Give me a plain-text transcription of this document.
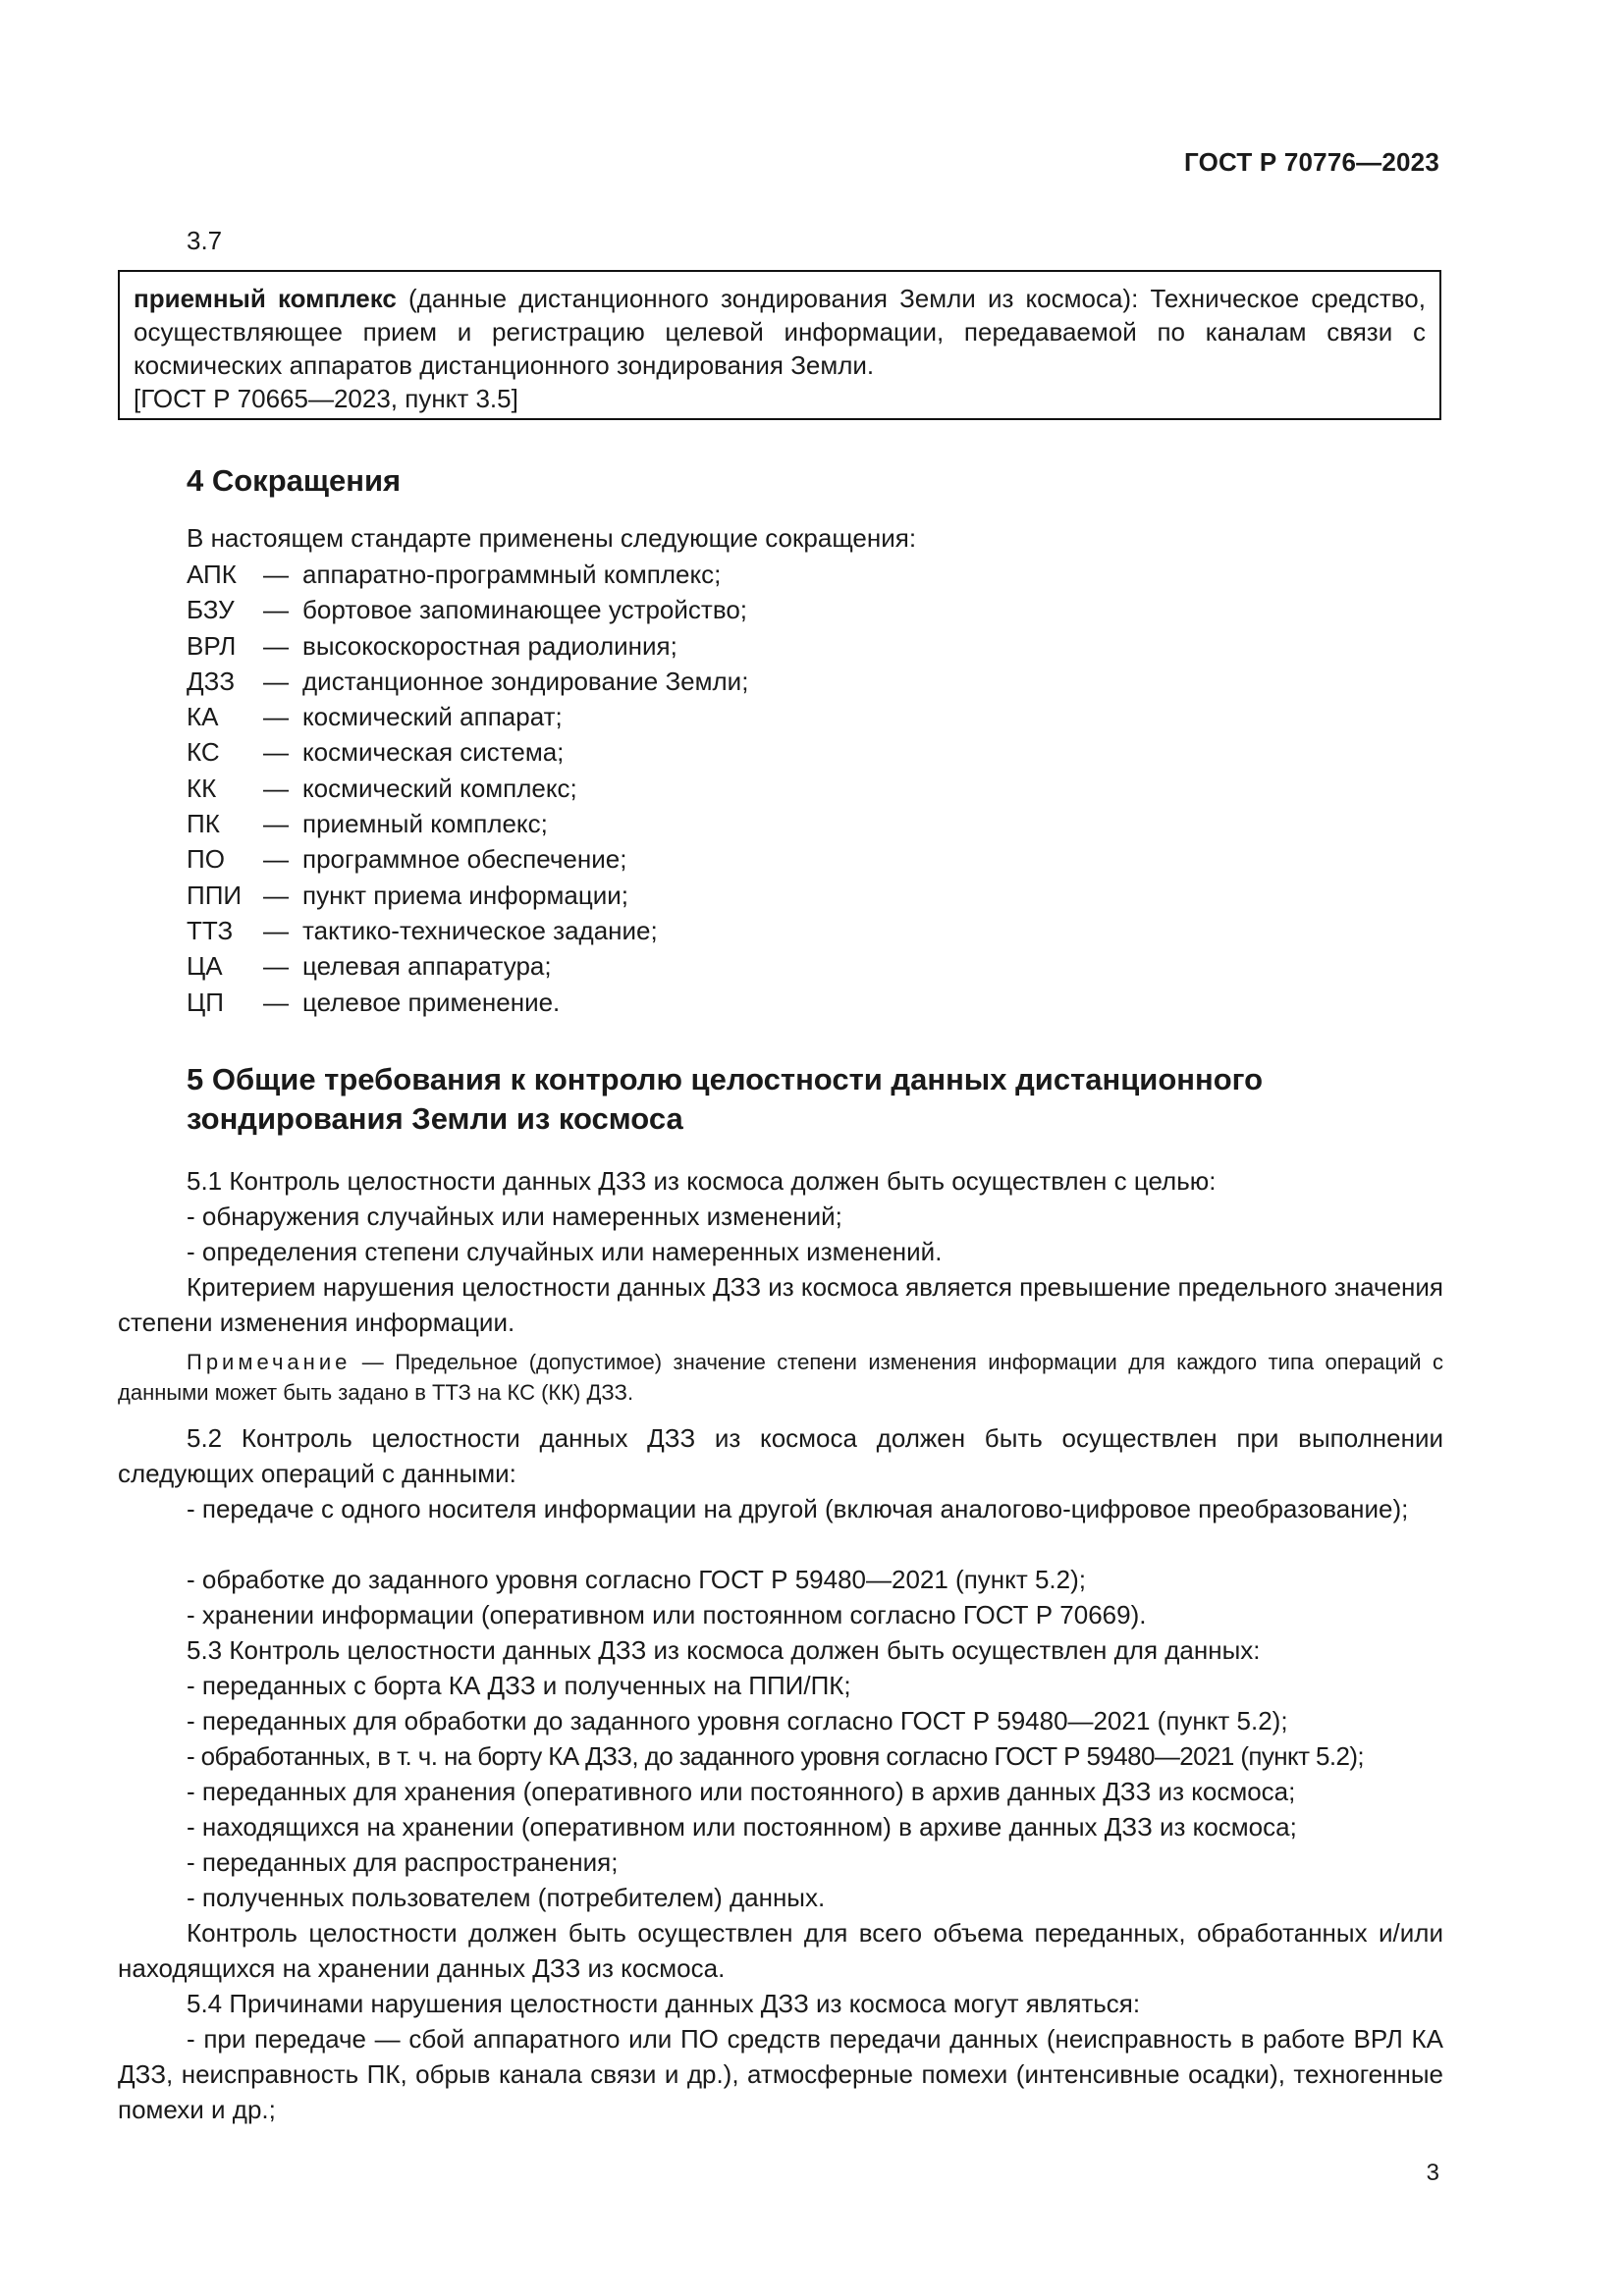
ГОСТ Р 70776—2023
3.7
приемный комплекс (данные дистанционного зондирования Земли из космоса): Техническое средство, осуществляющее прием и регистрацию целевой информации, передаваемой по каналам связи с космических аппаратов дистанционного зондирования Земли.
[ГОСТ Р 70665—2023, пункт 3.5]
4 Сокращения
В настоящем стандарте применены следующие сокращения:
АПК	— аппаратно-программный комплекс;
БЗУ	— бортовое запоминающее устройство;
ВРЛ	— высокоскоростная радиолиния;
ДЗЗ	— дистанционное зондирование Земли;
КА	— космический аппарат;
КС	— космическая система;
КК	— космический комплекс;
ПК	— приемный комплекс;
ПО	— программное обеспечение;
ППИ — пункт приема информации;
ТТЗ	— тактико-техническое задание;
ЦА	— целевая аппаратура;
ЦП	— целевое применение.
5 Общие требования к контролю целостности данных дистанционного
зондирования Земли из космоса
5.1 Контроль целостности данных ДЗЗ из космоса должен быть осуществлен с целью:
- обнаружения случайных или намеренных изменений;
- определения степени случайных или намеренных изменений.
Критерием нарушения целостности данных ДЗЗ из космоса является превышение предельного значения степени изменения информации.
Примечание — Предельное (допустимое) значение степени изменения информации для каждого типа операций с данными может быть задано в ТТЗ на КС (КК) ДЗЗ.
5.2 Контроль целостности данных ДЗЗ из космоса должен быть осуществлен при выполнении следующих операций с данными:
- передаче с одного носителя информации на другой (включая аналогово-цифровое преобразование);
- обработке до заданного уровня согласно ГОСТ Р 59480—2021 (пункт 5.2);
- хранении информации (оперативном или постоянном согласно ГОСТ Р 70669).
5.3 Контроль целостности данных ДЗЗ из космоса должен быть осуществлен для данных:
- переданных с борта КА ДЗЗ и полученных на ППИ/ПК;
- переданных для обработки до заданного уровня согласно ГОСТ Р 59480—2021 (пункт 5.2);
- обработанных, в т. ч. на борту КА ДЗЗ, до заданного уровня согласно ГОСТ Р 59480—2021 (пункт 5.2);
- переданных для хранения (оперативного или постоянного) в архив данных ДЗЗ из космоса;
- находящихся на хранении (оперативном или постоянном) в архиве данных ДЗЗ из космоса;
- переданных для распространения;
- полученных пользователем (потребителем) данных.
Контроль целостности должен быть осуществлен для всего объема переданных, обработанных и/или находящихся на хранении данных ДЗЗ из космоса.
5.4 Причинами нарушения целостности данных ДЗЗ из космоса могут являться:
- при передаче — сбой аппаратного или ПО средств передачи данных (неисправность в работе ВРЛ КА ДЗЗ, неисправность ПК, обрыв канала связи и др.), атмосферные помехи (интенсивные осадки), техногенные помехи и др.;
3
